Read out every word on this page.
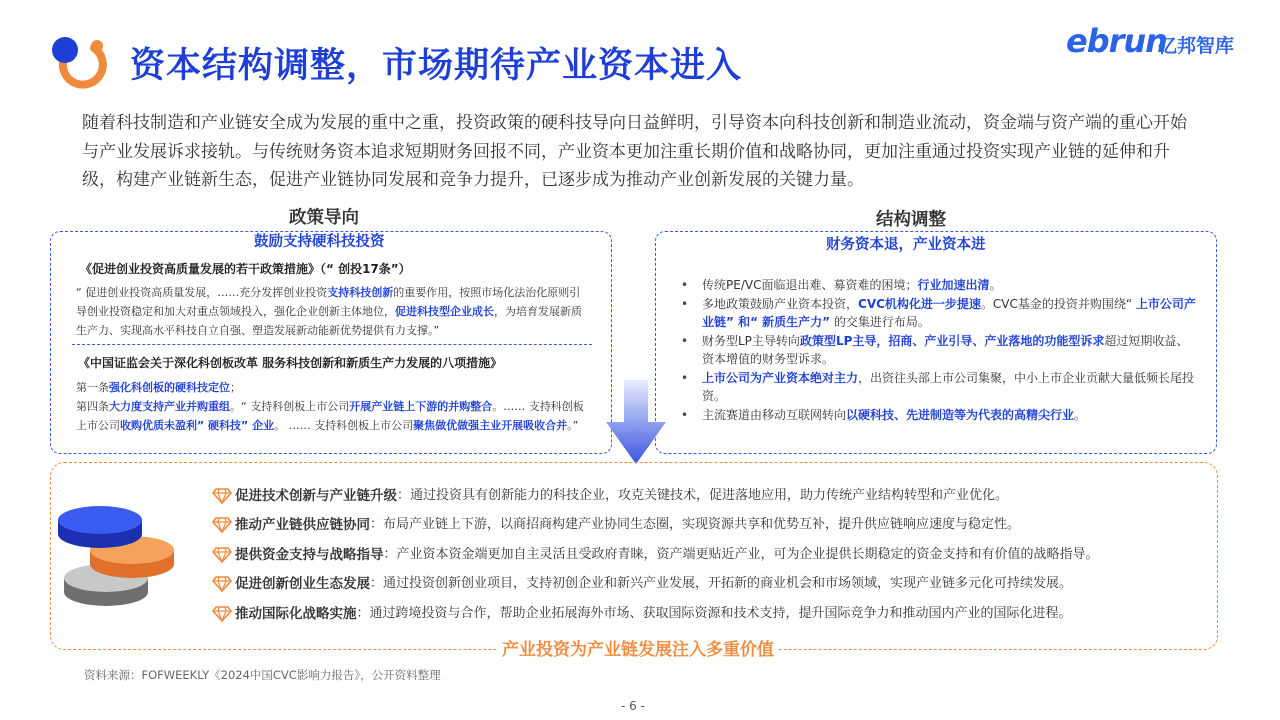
资本结构调整，市场期待产业资本进入
ebrun
亿邦智库
随着科技制造和产业链安全成为发展的重中之重，投资政策的硬科技导向日益鲜明，引导资本向科技创新和制造业流动，资金端与资产端的重心开始与产业发展诉求接轨。与传统财务资本追求短期财务回报不同，产业资本更加注重长期价值和战略协同，更加注重通过投资实现产业链的延伸和升级，构建产业链新生态，促进产业链协同发展和竞争力提升，已逐步成为推动产业创新发展的关键力量。
政策导向
鼓励支持硬科技投资
《促进创业投资高质量发展的若干政策措施》（“ 创投17条”）
“ 促进创业投资高质量发展，……充分发挥创业投资支持科技创新的重要作用，按照市场化法治化原则引导创业投资稳定和加大对重点领域投入，强化企业创新主体地位，促进科技型企业成长，为培育发展新质生产力、实现高水平科技自立自强、塑造发展新动能新优势提供有力支撑。”
《中国证监会关于深化科创板改革 服务科技创新和新质生产力发展的八项措施》
第一条强化科创板的硬科技定位；
第四条大力度支持产业并购重组。“ 支持科创板上市公司开展产业链上下游的并购整合。…… 支持科创板上市公司收购优质未盈利” 硬科技” 企业。 …… 支持科创板上市公司聚焦做优做强主业开展吸收合并。”
结构调整
财务资本退，产业资本进
• 传统PE/VC面临退出难、募资难的困境；行业加速出清。
• 多地政策鼓励产业资本投资，CVC机构化进一步提速。CVC基金的投资并购围绕“ 上市公司产业链” 和“ 新质生产力” 的交集进行布局。
• 财务型LP主导转向政策型LP主导，招商、产业引导、产业落地的功能型诉求超过短期收益、资本增值的财务型诉求。
• 上市公司为产业资本绝对主力，出资往头部上市公司集聚，中小上市企业贡献大量低频长尾投资。
• 主流赛道由移动互联网转向以硬科技、先进制造等为代表的高精尖行业。
促进技术创新与产业链升级 ：通过投资具有创新能力的科技企业，攻克关键技术，促进落地应用，助力传统产业结构转型和产业优化。
推动产业链供应链协同 ：布局产业链上下游，以商招商构建产业协同生态圈，实现资源共享和优势互补，提升供应链响应速度与稳定性。
提供资金支持与战略指导 ：产业资本资金端更加自主灵活且受政府青睐，资产端更贴近产业，可为企业提供长期稳定的资金支持和有价值的战略指导。
促进创新创业生态发展 ：通过投资创新创业项目，支持初创企业和新兴产业发展，开拓新的商业机会和市场领域，实现产业链多元化可持续发展。
推动国际化战略实施 ：通过跨境投资与合作，帮助企业拓展海外市场、获取国际资源和技术支持，提升国际竞争力和推动国内产业的国际化进程。
产业投资为产业链发展注入多重价值
资料来源：FOFWEEKLY《2024中国CVC影响力报告》，公开资料整理
- 6 -
